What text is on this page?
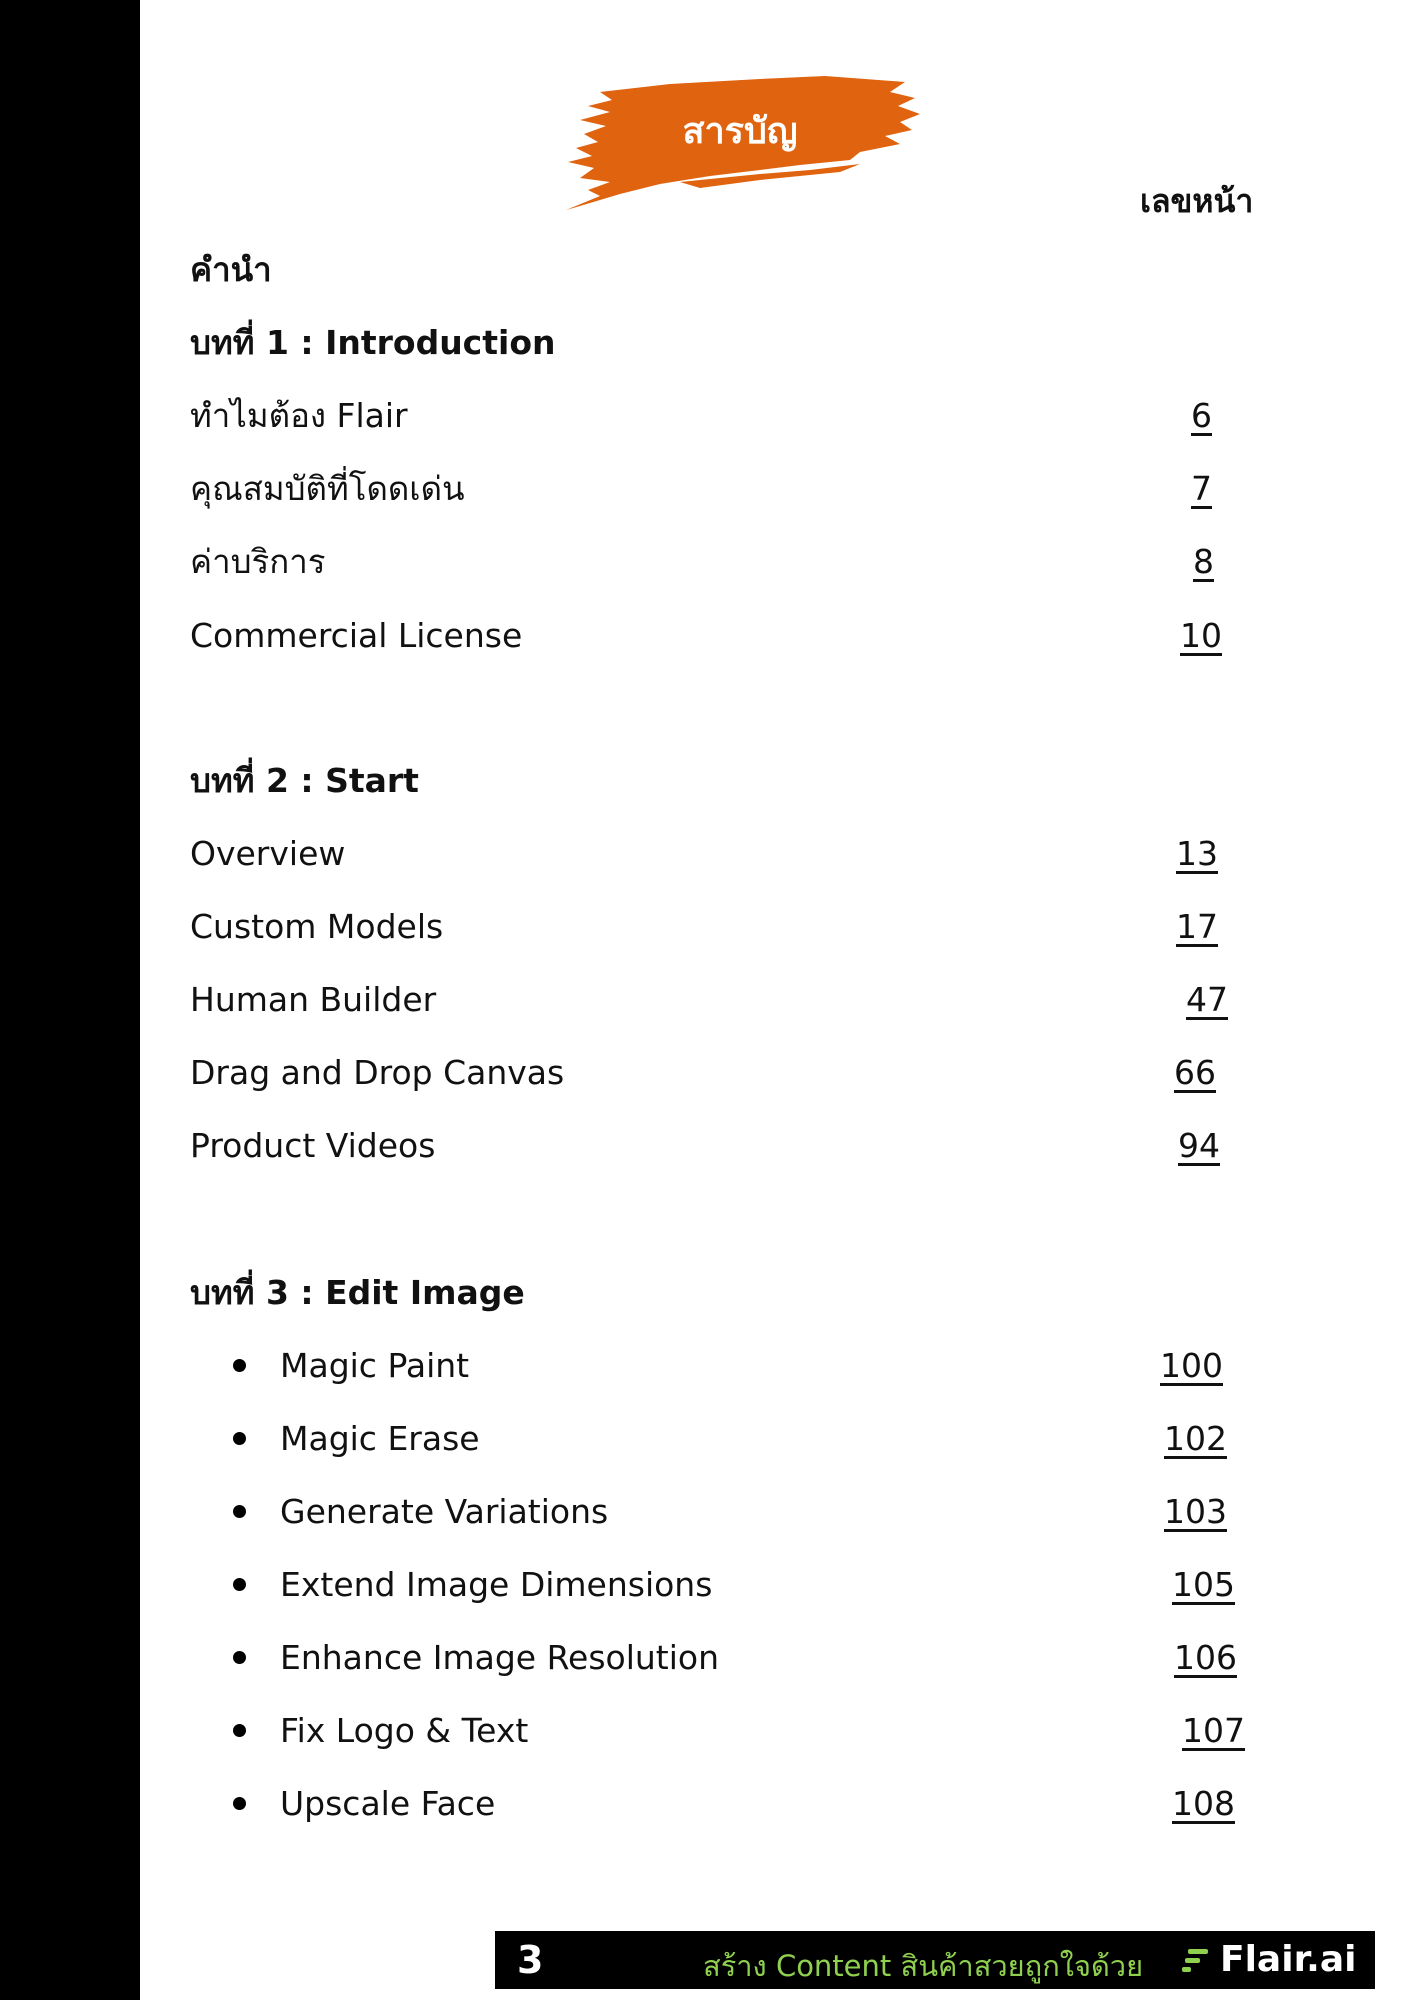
สารบัญ
เลขหน้า
คำนำ
บทที่ 1 : Introduction
ทำไมต้อง Flair	6
คุณสมบัติที่โดดเด่น	7
ค่าบริการ	8
Commercial License	10
บทที่ 2 : Start
Overview	13
Custom Models	17
Human Builder	47
Drag and Drop Canvas	66
Product Videos	94
บทที่ 3 : Edit Image
Magic Paint	100
Magic Erase	102
Generate Variations	103
Extend Image Dimensions	105
Enhance Image Resolution	106
Fix Logo & Text	107
Upscale Face	108
3	สร้าง Content สินค้าสวยถูกใจด้วย Flair.ai
